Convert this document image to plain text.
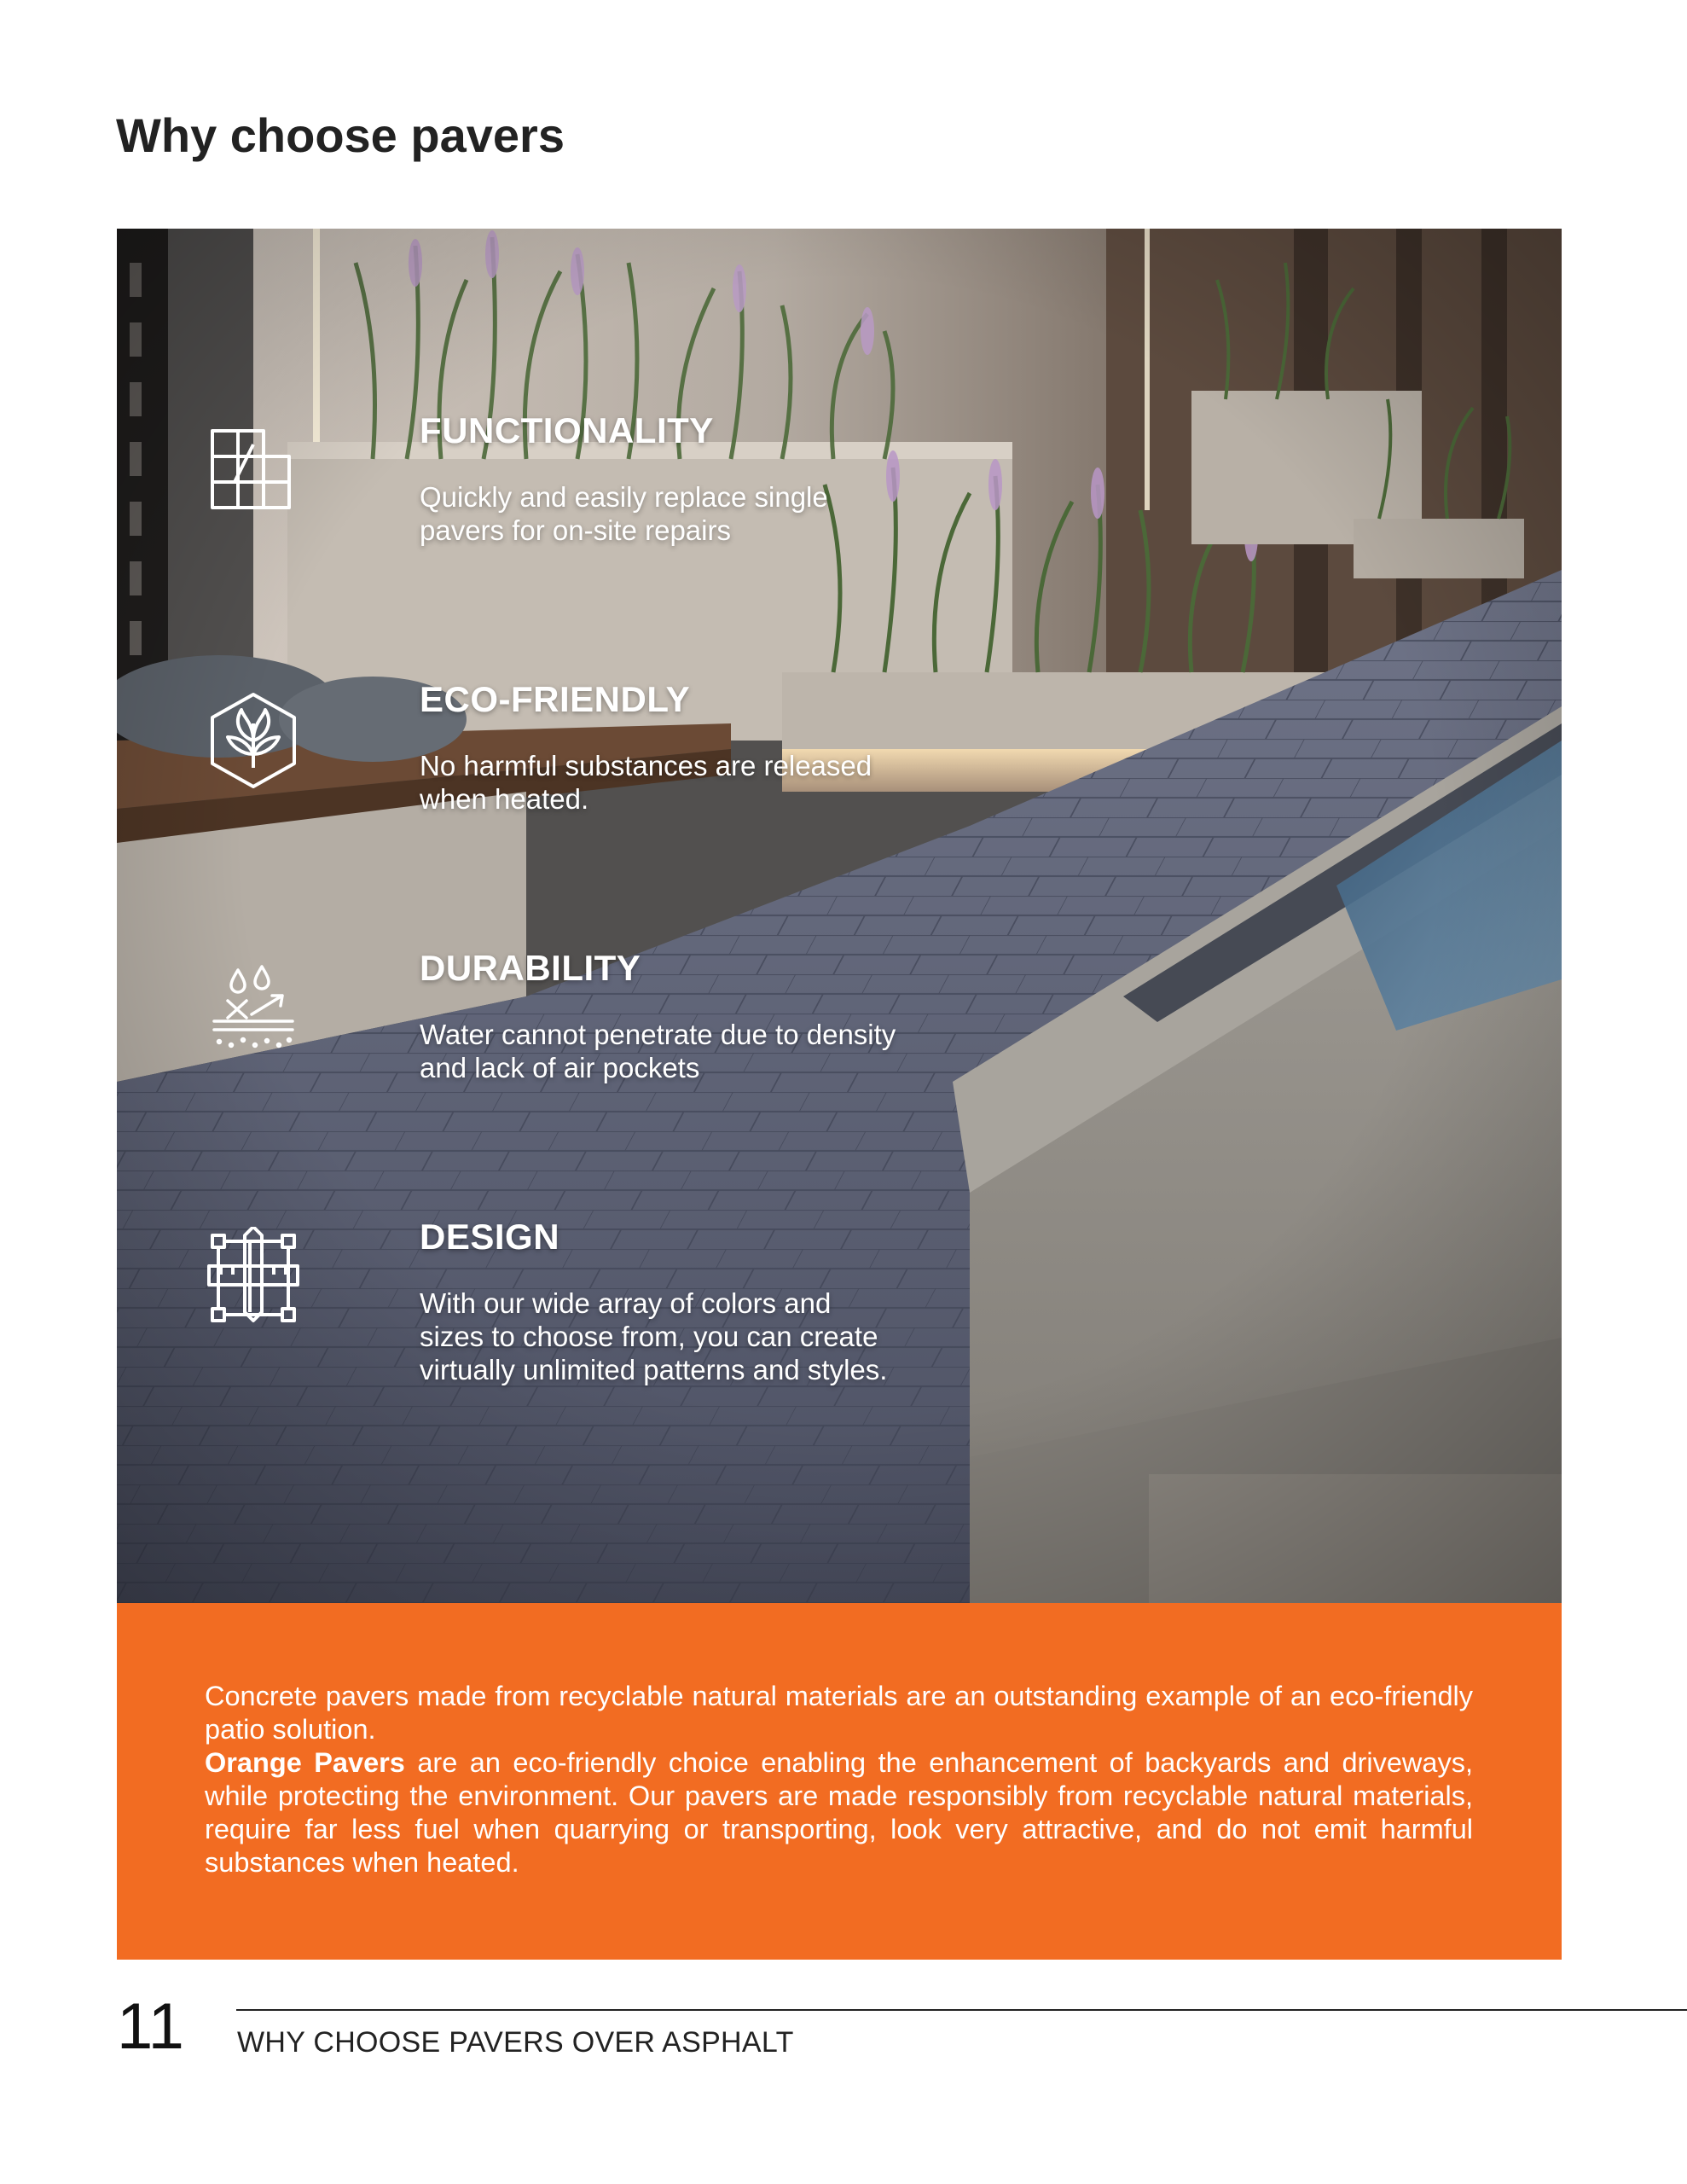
Why choose pavers
FUNCTIONALITY
Quickly and easily replace single pavers for on-site repairs
ECO-FRIENDLY
No harmful substances are released when heated.
DURABILITY
Water cannot penetrate due to density and lack of air pockets
DESIGN
With our wide array of colors and sizes to choose from, you can create virtually unlimited patterns and styles.

Concrete pavers made from recyclable natural materials are an outstanding example of an eco-friendly patio solution.

Orange Pavers are an eco-friendly choice enabling the enhancement of backyards and driveways, while protecting the environment. Our pavers are made responsibly from recyclable natural materials, require far less fuel when quarrying or transporting, look very attractive, and do not emit harmful substances when heated.

11 WHY CHOOSE PAVERS OVER ASPHALT
